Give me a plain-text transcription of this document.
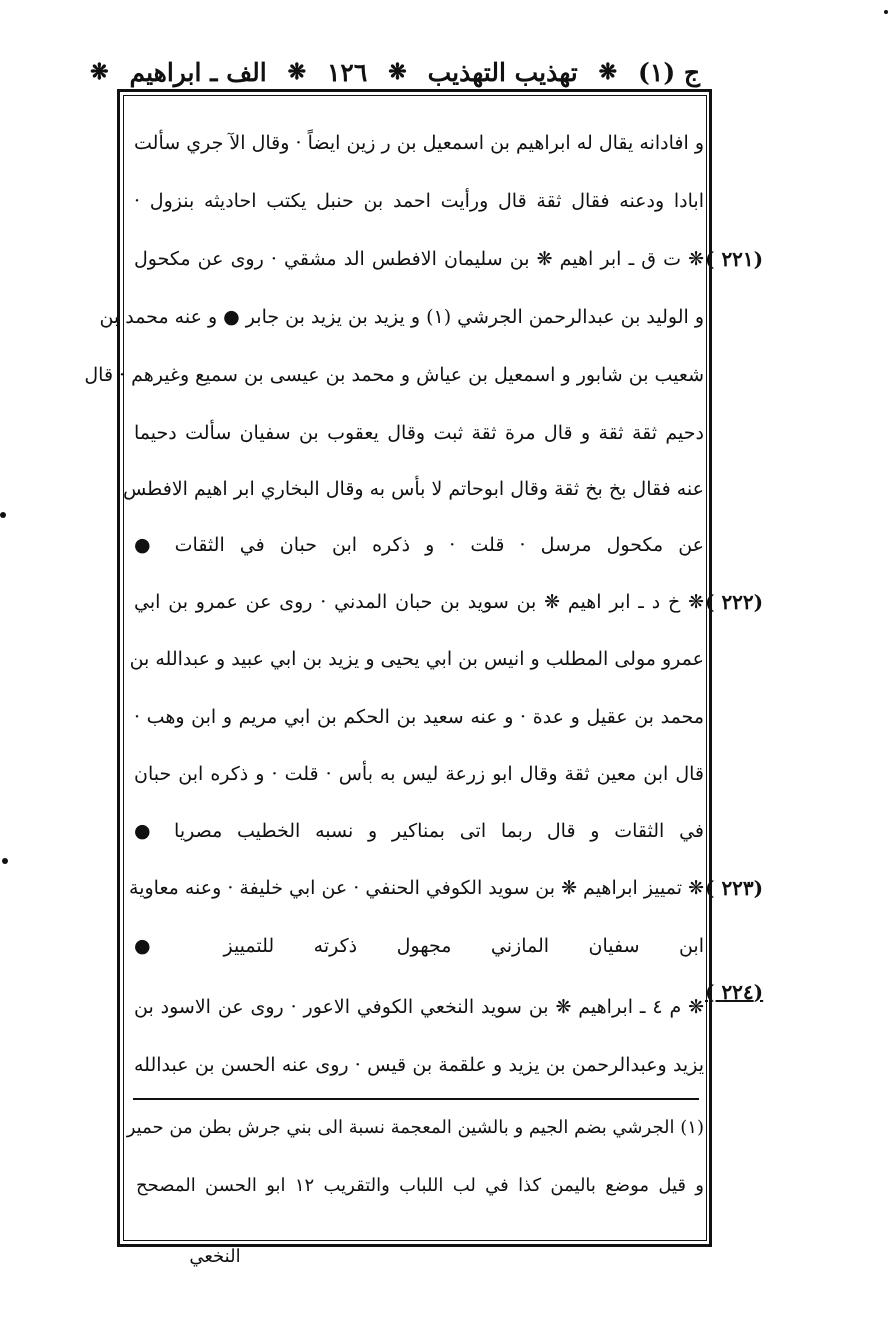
ج (١)
❋
تهذيب التهذيب
❋
١٢٦
❋
الف ـ ابراهيم
❋
و افادانه يقال له ابراهيم بن اسمعيل بن ر زين ايضاً · وقال الآ جري سألت
ابادا ودعنه فقال ثقة قال ورأيت احمد بن حنبل يكتب احاديثه بنزول ·
❋ ت ق ـ ابر اهيم ❋ بن سليمان الافطس الد مشقي · روى عن مكحول
و الوليد بن عبدالرحمن الجرشي (١) و يزيد بن يزيد بن جابر ● و عنه محمد بن
شعيب بن شابور و اسمعيل بن عياش و محمد بن عيسى بن سميع وغيرهم · قال
دحيم ثقة ثقة و قال مرة ثقة ثبت وقال يعقوب بن سفيان سألت دحيما
عنه فقال بخ بخ ثقة وقال ابوحاتم لا بأس به وقال البخاري ابر اهيم الافطس
عن مكحول مرسل · قلت · و ذكره ابن حبان في الثقات ●
❋ خ د ـ ابر اهيم ❋ بن سويد بن حبان المدني · روى عن عمرو بن ابي
عمرو مولى المطلب و انيس بن ابي يحيى و يزيد بن ابي عبيد و عبدالله بن
محمد بن عقيل و عدة · و عنه سعيد بن الحكم بن ابي مريم و ابن وهب ·
قال ابن معين ثقة وقال ابو زرعة ليس به بأس · قلت · و ذكره ابن حبان
في الثقات و قال ربما اتى بمناكير و نسبه الخطيب مصريا ●
❋ تمييز ابراهيم ❋ بن سويد الكوفي الحنفي · عن ابي خليفة · وعنه معاوية
ابن سفيان المازني مجهول ذكرته للتمييز ●
❋ م ٤ ـ ابراهيم ❋ بن سويد النخعي الكوفي الاعور · روى عن الاسود بن
يزيد وعبدالرحمن بن يزيد و علقمة بن قيس · روى عنه الحسن بن عبدالله
( ٢٢١)
( ٢٢٢)
( ٢٢٣)
( ٢٢٤)
(١) الجرشي بضم الجيم و بالشين المعجمة نسبة الى بني جرش بطن من حمير
و قيل موضع باليمن كذا في لب اللباب والتقريب ١٢ ابو الحسن المصحح
النخعي
